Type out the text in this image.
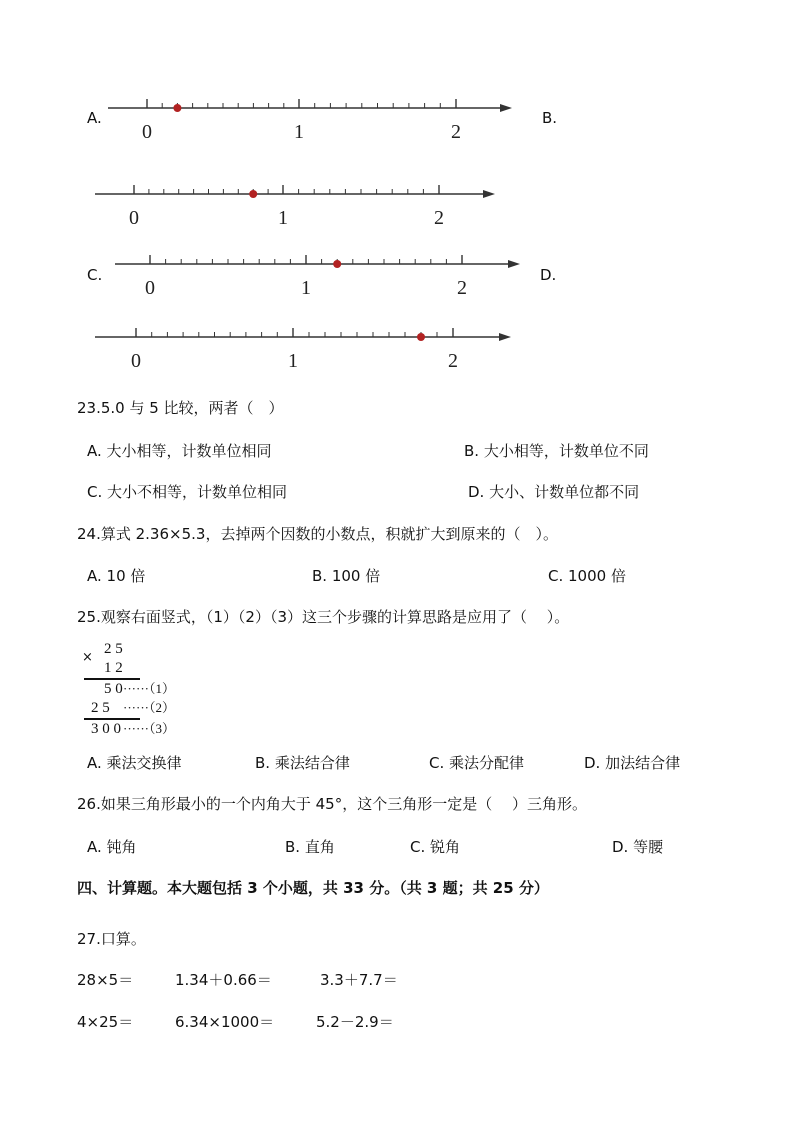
A.	B.
C.	D.
0	1	2
0	1	2
0	1	2
0	1	2
23.5.0 与 5 比较，两者（　）
A. 大小相等，计数单位相同	B. 大小相等，计数单位不同
C. 大小不相等，计数单位相同	D. 大小、计数单位都不同
24.算式 2.36×5.3，去掉两个因数的小数点，积就扩大到原来的（　）。
A. 10 倍	B. 100 倍	C. 1000 倍
25.观察右面竖式，（1）（2）（3）这三个步骤的计算思路是应用了（　 ）。
2 5
×
1 2
5 0 ······（1）
2 5 ······（2）
3 0 0 ······（3）
A. 乘法交换律	B. 乘法结合律	C. 乘法分配律	D. 加法结合律
26.如果三角形最小的一个内角大于 45°，这个三角形一定是（　 ）三角形。
A. 钝角	B. 直角	C. 锐角	D. 等腰
四、计算题。本大题包括 3 个小题，共 33 分。（共 3 题；共 25 分）
27.口算。
28×5＝	1.34＋0.66＝	3.3＋7.7＝
4×25＝	6.34×1000＝	5.2－2.9＝
